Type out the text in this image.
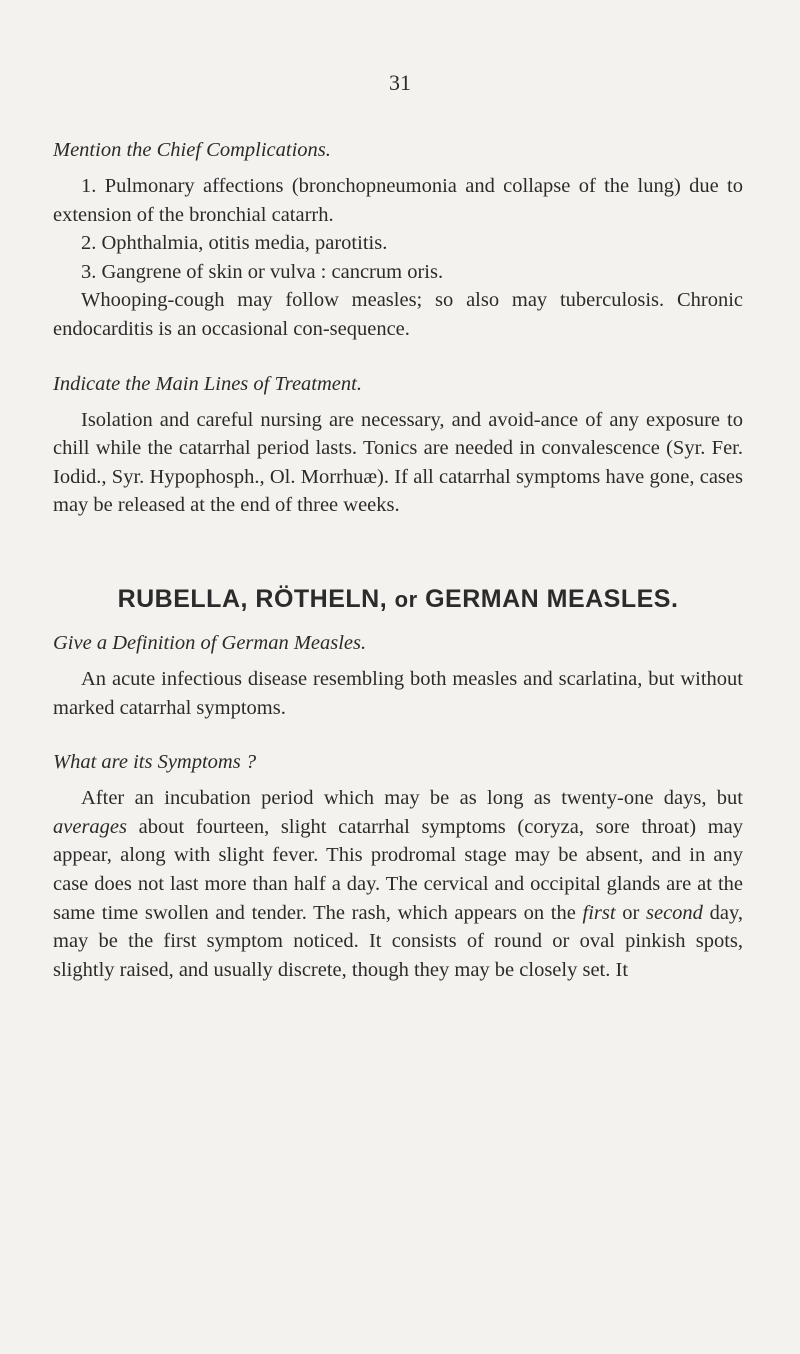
31

Mention the Chief Complications.

1. Pulmonary affections (bronchopneumonia and collapse of the lung) due to extension of the bronchial catarrh.
2. Ophthalmia, otitis media, parotitis.
3. Gangrene of skin or vulva : cancrum oris.

Whooping-cough may follow measles; so also may tuberculosis. Chronic endocarditis is an occasional con-sequence.

Indicate the Main Lines of Treatment.

Isolation and careful nursing are necessary, and avoid-ance of any exposure to chill while the catarrhal period lasts. Tonics are needed in convalescence (Syr. Fer. Iodid., Syr. Hypophosph., Ol. Morrhuæ). If all catarrhal symptoms have gone, cases may be released at the end of three weeks.

RUBELLA, RÖTHELN, or GERMAN MEASLES.

Give a Definition of German Measles.

An acute infectious disease resembling both measles and scarlatina, but without marked catarrhal symptoms.

What are its Symptoms ?

After an incubation period which may be as long as twenty-one days, but averages about fourteen, slight catarrhal symptoms (coryza, sore throat) may appear, along with slight fever. This prodromal stage may be absent, and in any case does not last more than half a day. The cervical and occipital glands are at the same time swollen and tender. The rash, which appears on the first or second day, may be the first symptom noticed. It consists of round or oval pinkish spots, slightly raised, and usually discrete, though they may be closely set. It
